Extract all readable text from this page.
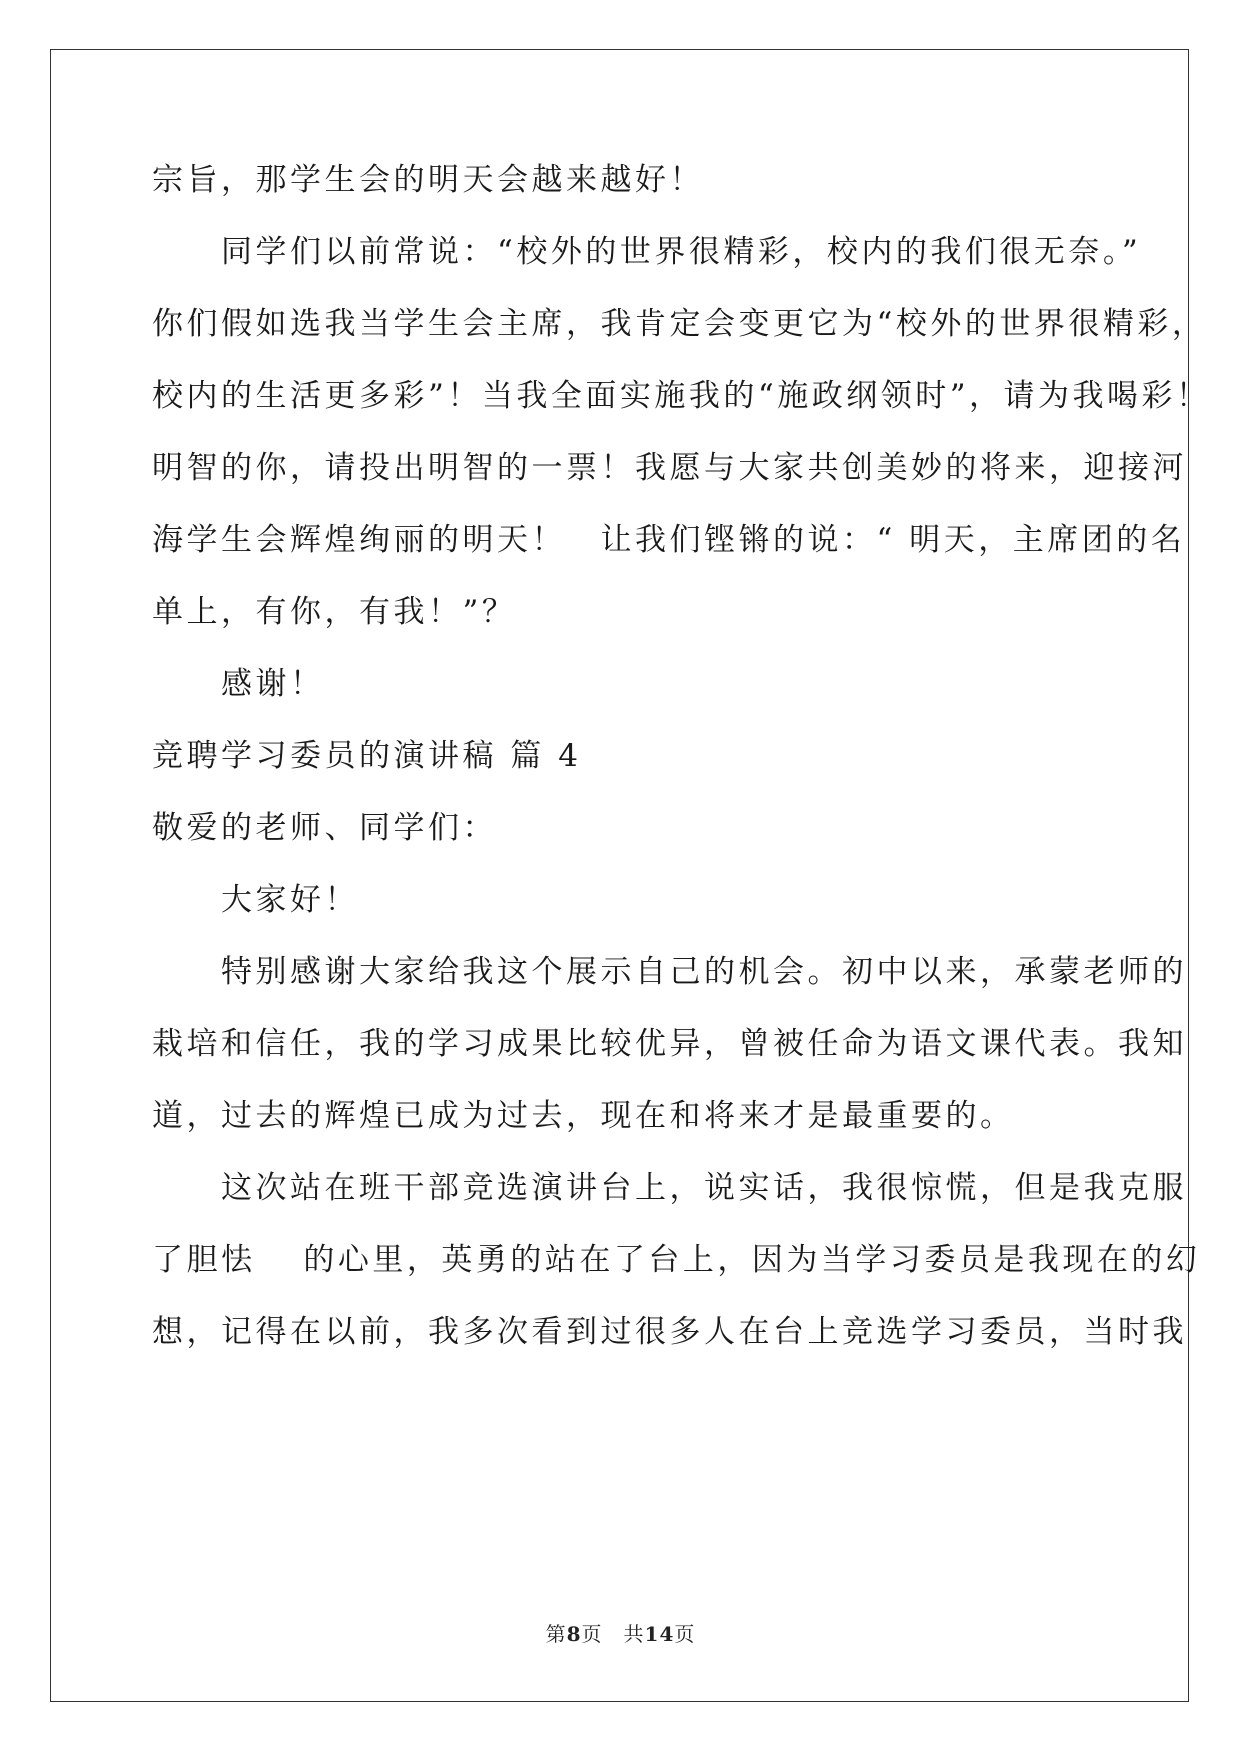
宗旨，那学生会的明天会越来越好！
　　同学们以前常说：“校外的世界很精彩，校内的我们很无奈。”
你们假如选我当学生会主席，我肯定会变更它为“校外的世界很精彩，
校内的生活更多彩”！当我全面实施我的“施政纲领时”，请为我喝彩！
明智的你，请投出明智的一票！我愿与大家共创美妙的将来，迎接河
海学生会辉煌绚丽的明天！　让我们铿锵的说：“ 明天，主席团的名
单上，有你，有我！”？
　　感谢！
竞聘学习委员的演讲稿 篇 4
敬爱的老师、同学们：
　　大家好！
　　特别感谢大家给我这个展示自己的机会。初中以来，承蒙老师的
栽培和信任，我的学习成果比较优异，曾被任命为语文课代表。我知
道，过去的辉煌已成为过去，现在和将来才是最重要的。
　　这次站在班干部竞选演讲台上，说实话，我很惊慌，但是我克服
了胆怯　 的心里，英勇的站在了台上，因为当学习委员是我现在的幻
想，记得在以前，我多次看到过很多人在台上竞选学习委员，当时我
第8页　共14页
